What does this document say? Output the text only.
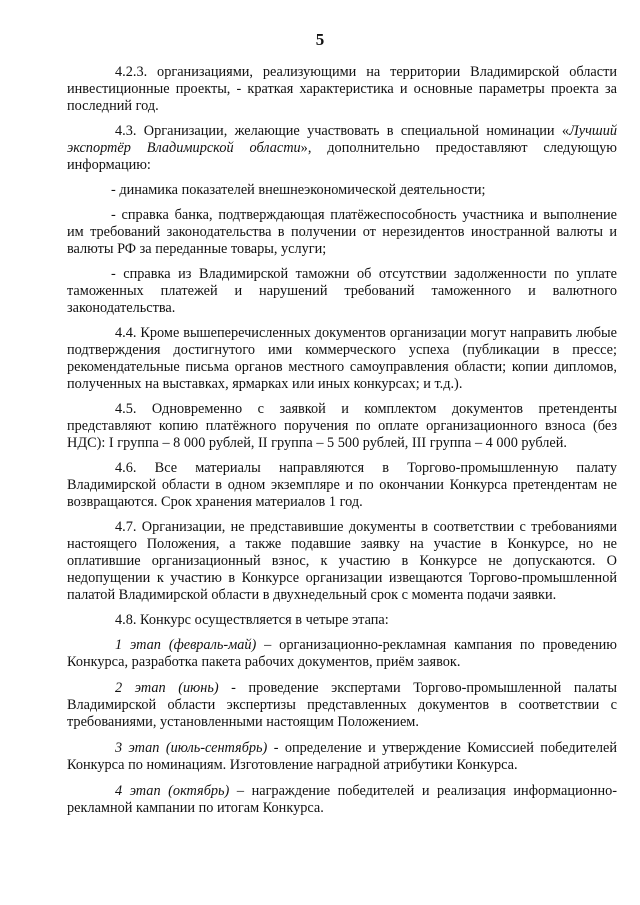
5

4.2.3. организациями, реализующими на территории Владимирской области инвестиционные проекты, - краткая характеристика и основные параметры проекта за последний год.

4.3. Организации, желающие участвовать в специальной номинации «Лучший экспортёр Владимирской области», дополнительно предоставляют следующую информацию:

- динамика показателей внешнеэкономической деятельности;

- справка банка, подтверждающая платёжеспособность участника и выполнение им требований законодательства в получении от нерезидентов иностранной валюты и валюты РФ за переданные товары, услуги;

- справка из Владимирской таможни об отсутствии задолженности по уплате таможенных платежей и нарушений требований таможенного и валютного законодательства.

4.4. Кроме вышеперечисленных документов организации могут направить любые подтверждения достигнутого ими коммерческого успеха (публикации в прессе; рекомендательные письма органов местного самоуправления области; копии дипломов, полученных на выставках, ярмарках или иных конкурсах; и т.д.).

4.5. Одновременно с заявкой и комплектом документов претенденты представляют копию платёжного поручения по оплате организационного взноса (без НДС): I группа – 8 000 рублей, II группа – 5 500 рублей, III группа – 4 000 рублей.

4.6. Все материалы направляются в Торгово-промышленную палату Владимирской области в одном экземпляре и по окончании Конкурса претендентам не возвращаются. Срок хранения материалов 1 год.

4.7. Организации, не представившие документы в соответствии с требованиями настоящего Положения, а также подавшие заявку на участие в Конкурсе, но не оплатившие организационный взнос, к участию в Конкурсе не допускаются. О недопущении к участию в Конкурсе организации извещаются Торгово-промышленной палатой Владимирской области в двухнедельный срок с момента подачи заявки.

4.8. Конкурс осуществляется в четыре этапа:

1 этап (февраль-май) – организационно-рекламная кампания по проведению Конкурса, разработка пакета рабочих документов, приём заявок.

2 этап (июнь) - проведение экспертами Торгово-промышленной палаты Владимирской области экспертизы представленных документов в соответствии с требованиями, установленными настоящим Положением.

3 этап (июль-сентябрь) - определение и утверждение Комиссией победителей Конкурса по номинациям. Изготовление наградной атрибутики Конкурса.

4 этап (октябрь) – награждение победителей и реализация информационно-рекламной кампании по итогам Конкурса.
